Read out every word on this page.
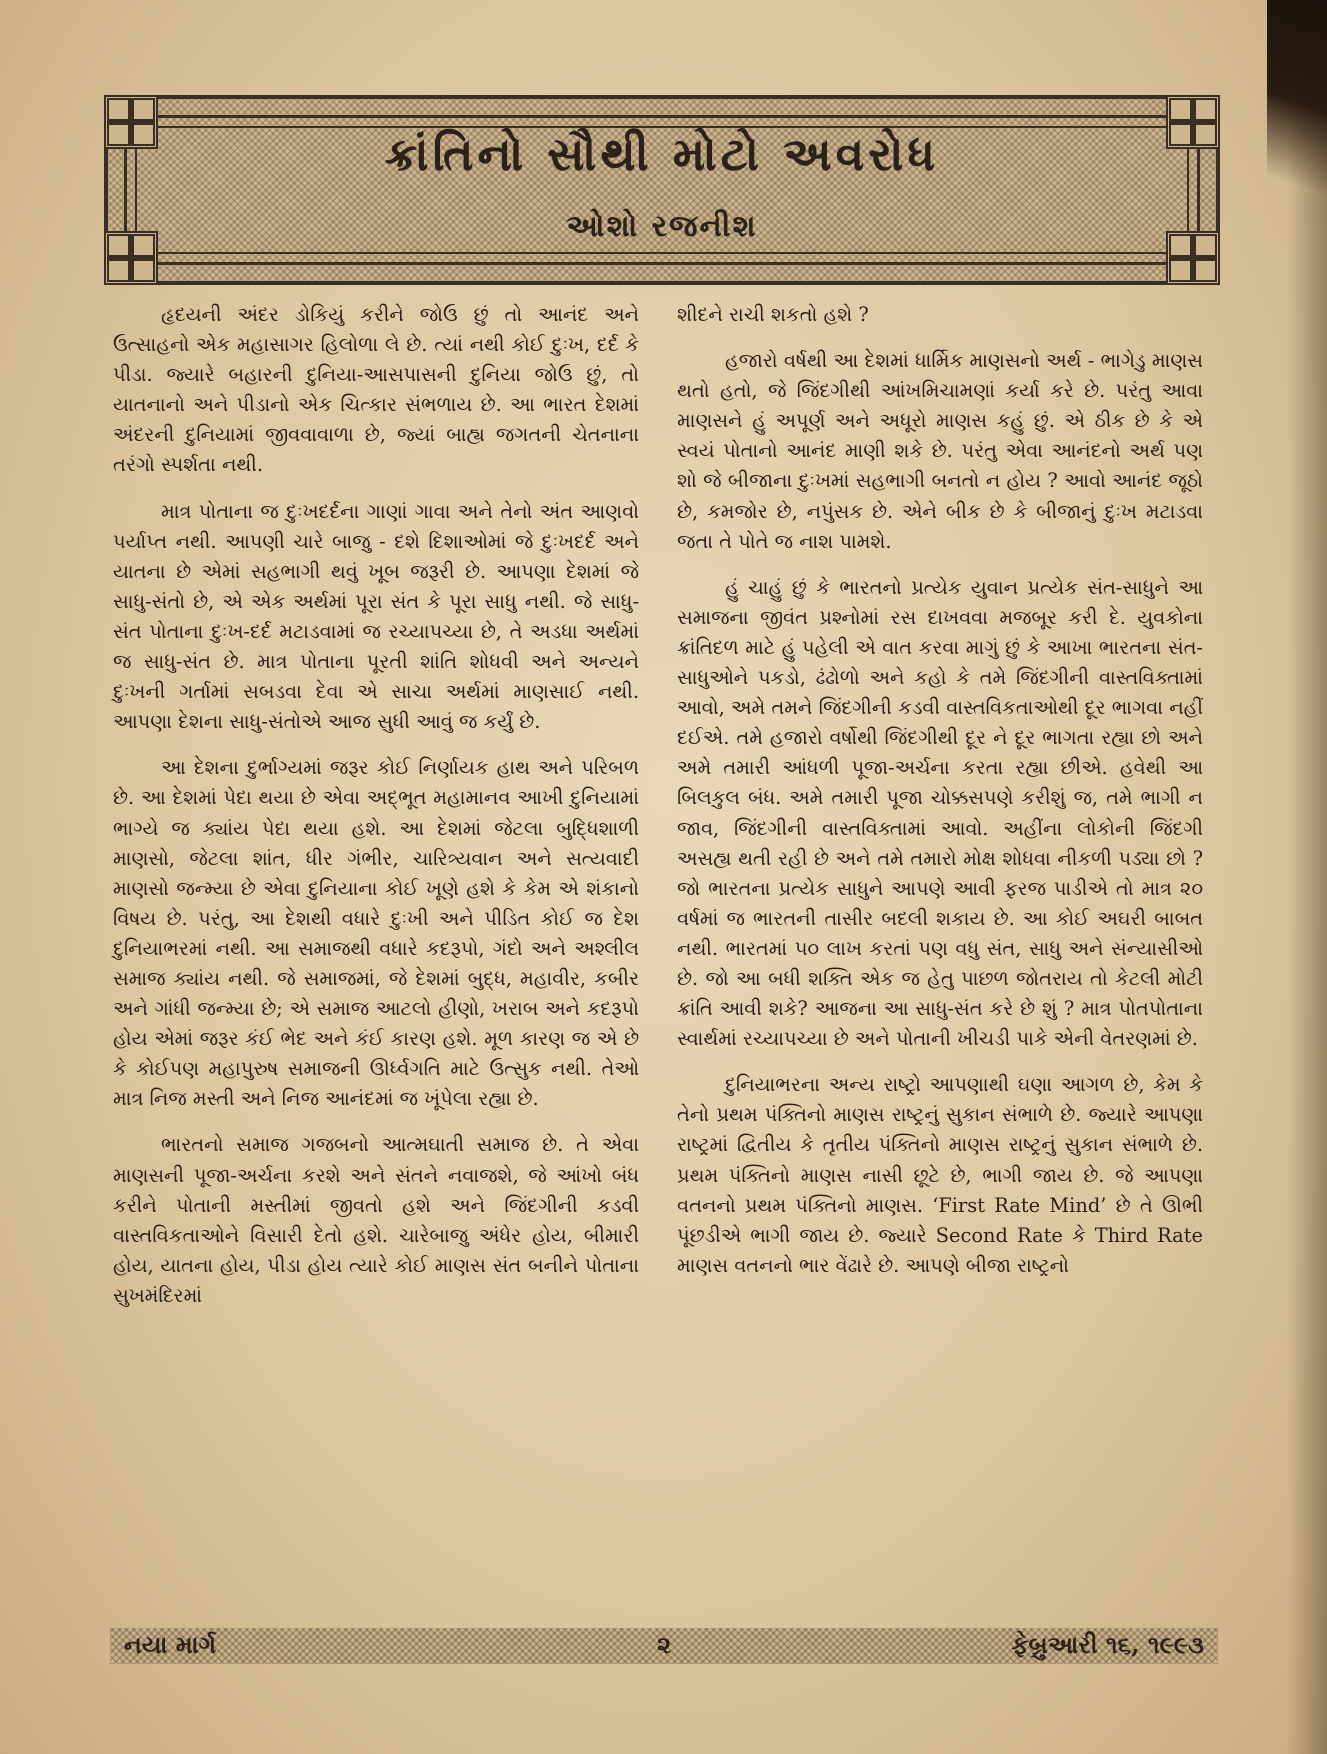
ક્રાંતિનો સૌથી મોટો અવરોધ
ઓશો રજનીશ

હૃદયની અંદર ડોકિયું કરીને જોઉ છું તો આનંદ અને ઉત્સાહનો એક મહાસાગર હિલોળા લે છે. ત્યાં નથી કોઈ દુઃખ, દર્દ કે પીડા. જ્યારે બહારની દુનિયા-આસપાસની દુનિયા જોઉ છું, તો યાતનાનો અને પીડાનો એક ચિત્કાર સંભળાય છે. આ ભારત દેશમાં અંદરની દુનિયામાં જીવવાવાળા છે, જ્યાં બાહ્ય જગતની ચેતનાના તરંગો સ્પર્શતા નથી.

માત્ર પોતાના જ દુઃખદર્દના ગાણાં ગાવા અને તેનો અંત આણવો પર્યાપ્ત નથી. આપણી ચારે બાજુ - દશે દિશાઓમાં જે દુઃખદર્દ અને યાતના છે એમાં સહભાગી થવું ખૂબ જરૂરી છે. આપણા દેશમાં જે સાધુ-સંતો છે, એ એક અર્થમાં પૂરા સંત કે પૂરા સાધુ નથી. જે સાધુ-સંત પોતાના દુઃખ-દર્દ મટાડવામાં જ રચ્યાપચ્યા છે, તે અડધા અર્થમાં જ સાધુ-સંત છે. માત્ર પોતાના પૂરતી શાંતિ શોધવી અને અન્યને દુઃખની ગર્તામાં સબડવા દેવા એ સાચા અર્થમાં માણસાઈ નથી. આપણા દેશના સાધુ-સંતોએ આજ સુધી આવું જ કર્યું છે.

આ દેશના દુર્ભાગ્યમાં જરૂર કોઈ નિર્ણાયક હાથ અને પરિબળ છે. આ દેશમાં પેદા થયા છે એવા અદ્ભૂત મહામાનવ આખી દુનિયામાં ભાગ્યે જ ક્યાંય પેદા થયા હશે. આ દેશમાં જેટલા બુદ્ધિશાળી માણસો, જેટલા શાંત, ધીર ગંભીર, ચારિત્ર્યવાન અને સત્યવાદી માણસો જન્મ્યા છે એવા દુનિયાના કોઈ ખૂણે હશે કે કેમ એ શંકાનો વિષય છે. પરંતુ, આ દેશથી વધારે દુઃખી અને પીડિત કોઈ જ દેશ દુનિયાભરમાં નથી. આ સમાજથી વધારે કદરૂપો, ગંદો અને અશ્લીલ સમાજ ક્યાંય નથી. જે સમાજમાં, જે દેશમાં બુદ્ધ, મહાવીર, કબીર અને ગાંધી જન્મ્યા છે; એ સમાજ આટલો હીણો, ખરાબ અને કદરૂપો હોય એમાં જરૂર કંઈ ભેદ અને કંઈ કારણ હશે. મૂળ કારણ જ એ છે કે કોઈપણ મહાપુરુષ સમાજની ઊર્ધ્વગતિ માટે ઉત્સુક નથી. તેઓ માત્ર નિજ મસ્તી અને નિજ આનંદમાં જ ખૂંપેલા રહ્યા છે.

ભારતનો સમાજ ગજબનો આત્મઘાતી સમાજ છે. તે એવા માણસની પૂજા-અર્ચના કરશે અને સંતને નવાજશે, જે આંખો બંધ કરીને પોતાની મસ્તીમાં જીવતો હશે અને જિંદગીની કડવી વાસ્તવિકતાઓને વિસારી દેતો હશે. ચારેબાજુ અંધેર હોય, બીમારી હોય, યાતના હોય, પીડા હોય ત્યારે કોઈ માણસ સંત બનીને પોતાના સુખમંદિરમાં

શીદને રાચી શકતો હશે ?

હજારો વર્ષથી આ દેશમાં ધાર્મિક માણસનો અર્થ - ભાગેડુ માણસ થતો હતો, જે જિંદગીથી આંખમિચામણાં કર્યા કરે છે. પરંતુ આવા માણસને હું અપૂર્ણ અને અધૂરો માણસ કહું છું. એ ઠીક છે કે એ સ્વયં પોતાનો આનંદ માણી શકે છે. પરંતુ એવા આનંદનો અર્થ પણ શો જે બીજાના દુઃખમાં સહભાગી બનતો ન હોય ? આવો આનંદ જૂઠો છે, કમજોર છે, નપુંસક છે. એને બીક છે કે બીજાનું દુઃખ મટાડવા જતા તે પોતે જ નાશ પામશે.

હું ચાહું છું કે ભારતનો પ્રત્યેક યુવાન પ્રત્યેક સંત-સાધુને આ સમાજના જીવંત પ્રશ્નોમાં રસ દાખવવા મજબૂર કરી દે. યુવકોના ક્રાંતિદળ માટે હું પહેલી એ વાત કરવા માગું છું કે આખા ભારતના સંત-સાધુઓને પકડો, ઢંઢોળો અને કહો કે તમે જિંદગીની વાસ્તવિક્તામાં આવો, અમે તમને જિંદગીની કડવી વાસ્તવિકતાઓથી દૂર ભાગવા નહીં દઈએ. તમે હજારો વર્ષોથી જિંદગીથી દૂર ને દૂર ભાગતા રહ્યા છો અને અમે તમારી આંધળી પૂજા-અર્ચના કરતા રહ્યા છીએ. હવેથી આ બિલકુલ બંધ. અમે તમારી પૂજા ચોક્કસપણે કરીશું જ, તમે ભાગી ન જાવ, જિંદગીની વાસ્તવિક્તામાં આવો. અહીંના લોકોની જિંદગી અસહ્ય થતી રહી છે અને તમે તમારો મોક્ષ શોધવા નીકળી પડ્યા છો ? જો ભારતના પ્રત્યેક સાધુને આપણે આવી ફરજ પાડીએ તો માત્ર ૨૦ વર્ષમાં જ ભારતની તાસીર બદલી શકાય છે. આ કોઈ અઘરી બાબત નથી. ભારતમાં ૫૦ લાખ કરતાં પણ વધુ સંત, સાધુ અને સંન્યાસીઓ છે. જો આ બધી શક્તિ એક જ હેતુ પાછળ જોતરાય તો કેટલી મોટી ક્રાંતિ આવી શકે? આજના આ સાધુ-સંત કરે છે શું ? માત્ર પોતપોતાના સ્વાર્થમાં રચ્યાપચ્યા છે અને પોતાની ખીચડી પાકે એની વેતરણમાં છે.

દુનિયાભરના અન્ય રાષ્ટ્રો આપણાથી ઘણા આગળ છે, કેમ કે તેનો પ્રથમ પંક્તિનો માણસ રાષ્ટ્રનું સુકાન સંભાળે છે. જ્યારે આપણા રાષ્ટ્રમાં દ્વિતીય કે તૃતીય પંક્તિનો માણસ રાષ્ટ્રનું સુકાન સંભાળે છે. પ્રથમ પંક્તિનો માણસ નાસી છૂટે છે, ભાગી જાય છે. જે આપણા વતનનો પ્રથમ પંક્તિનો માણસ. ‘First Rate Mind’ છે તે ઊભી પૂંછડીએ ભાગી જાય છે. જ્યારે Second Rate કે Third Rate માણસ વતનનો ભાર વેંઢારે છે. આપણે બીજા રાષ્ટ્રનો

નયા માર્ગ	૨	ફેબ્રુઆરી ૧૬, ૧૯૯૩
